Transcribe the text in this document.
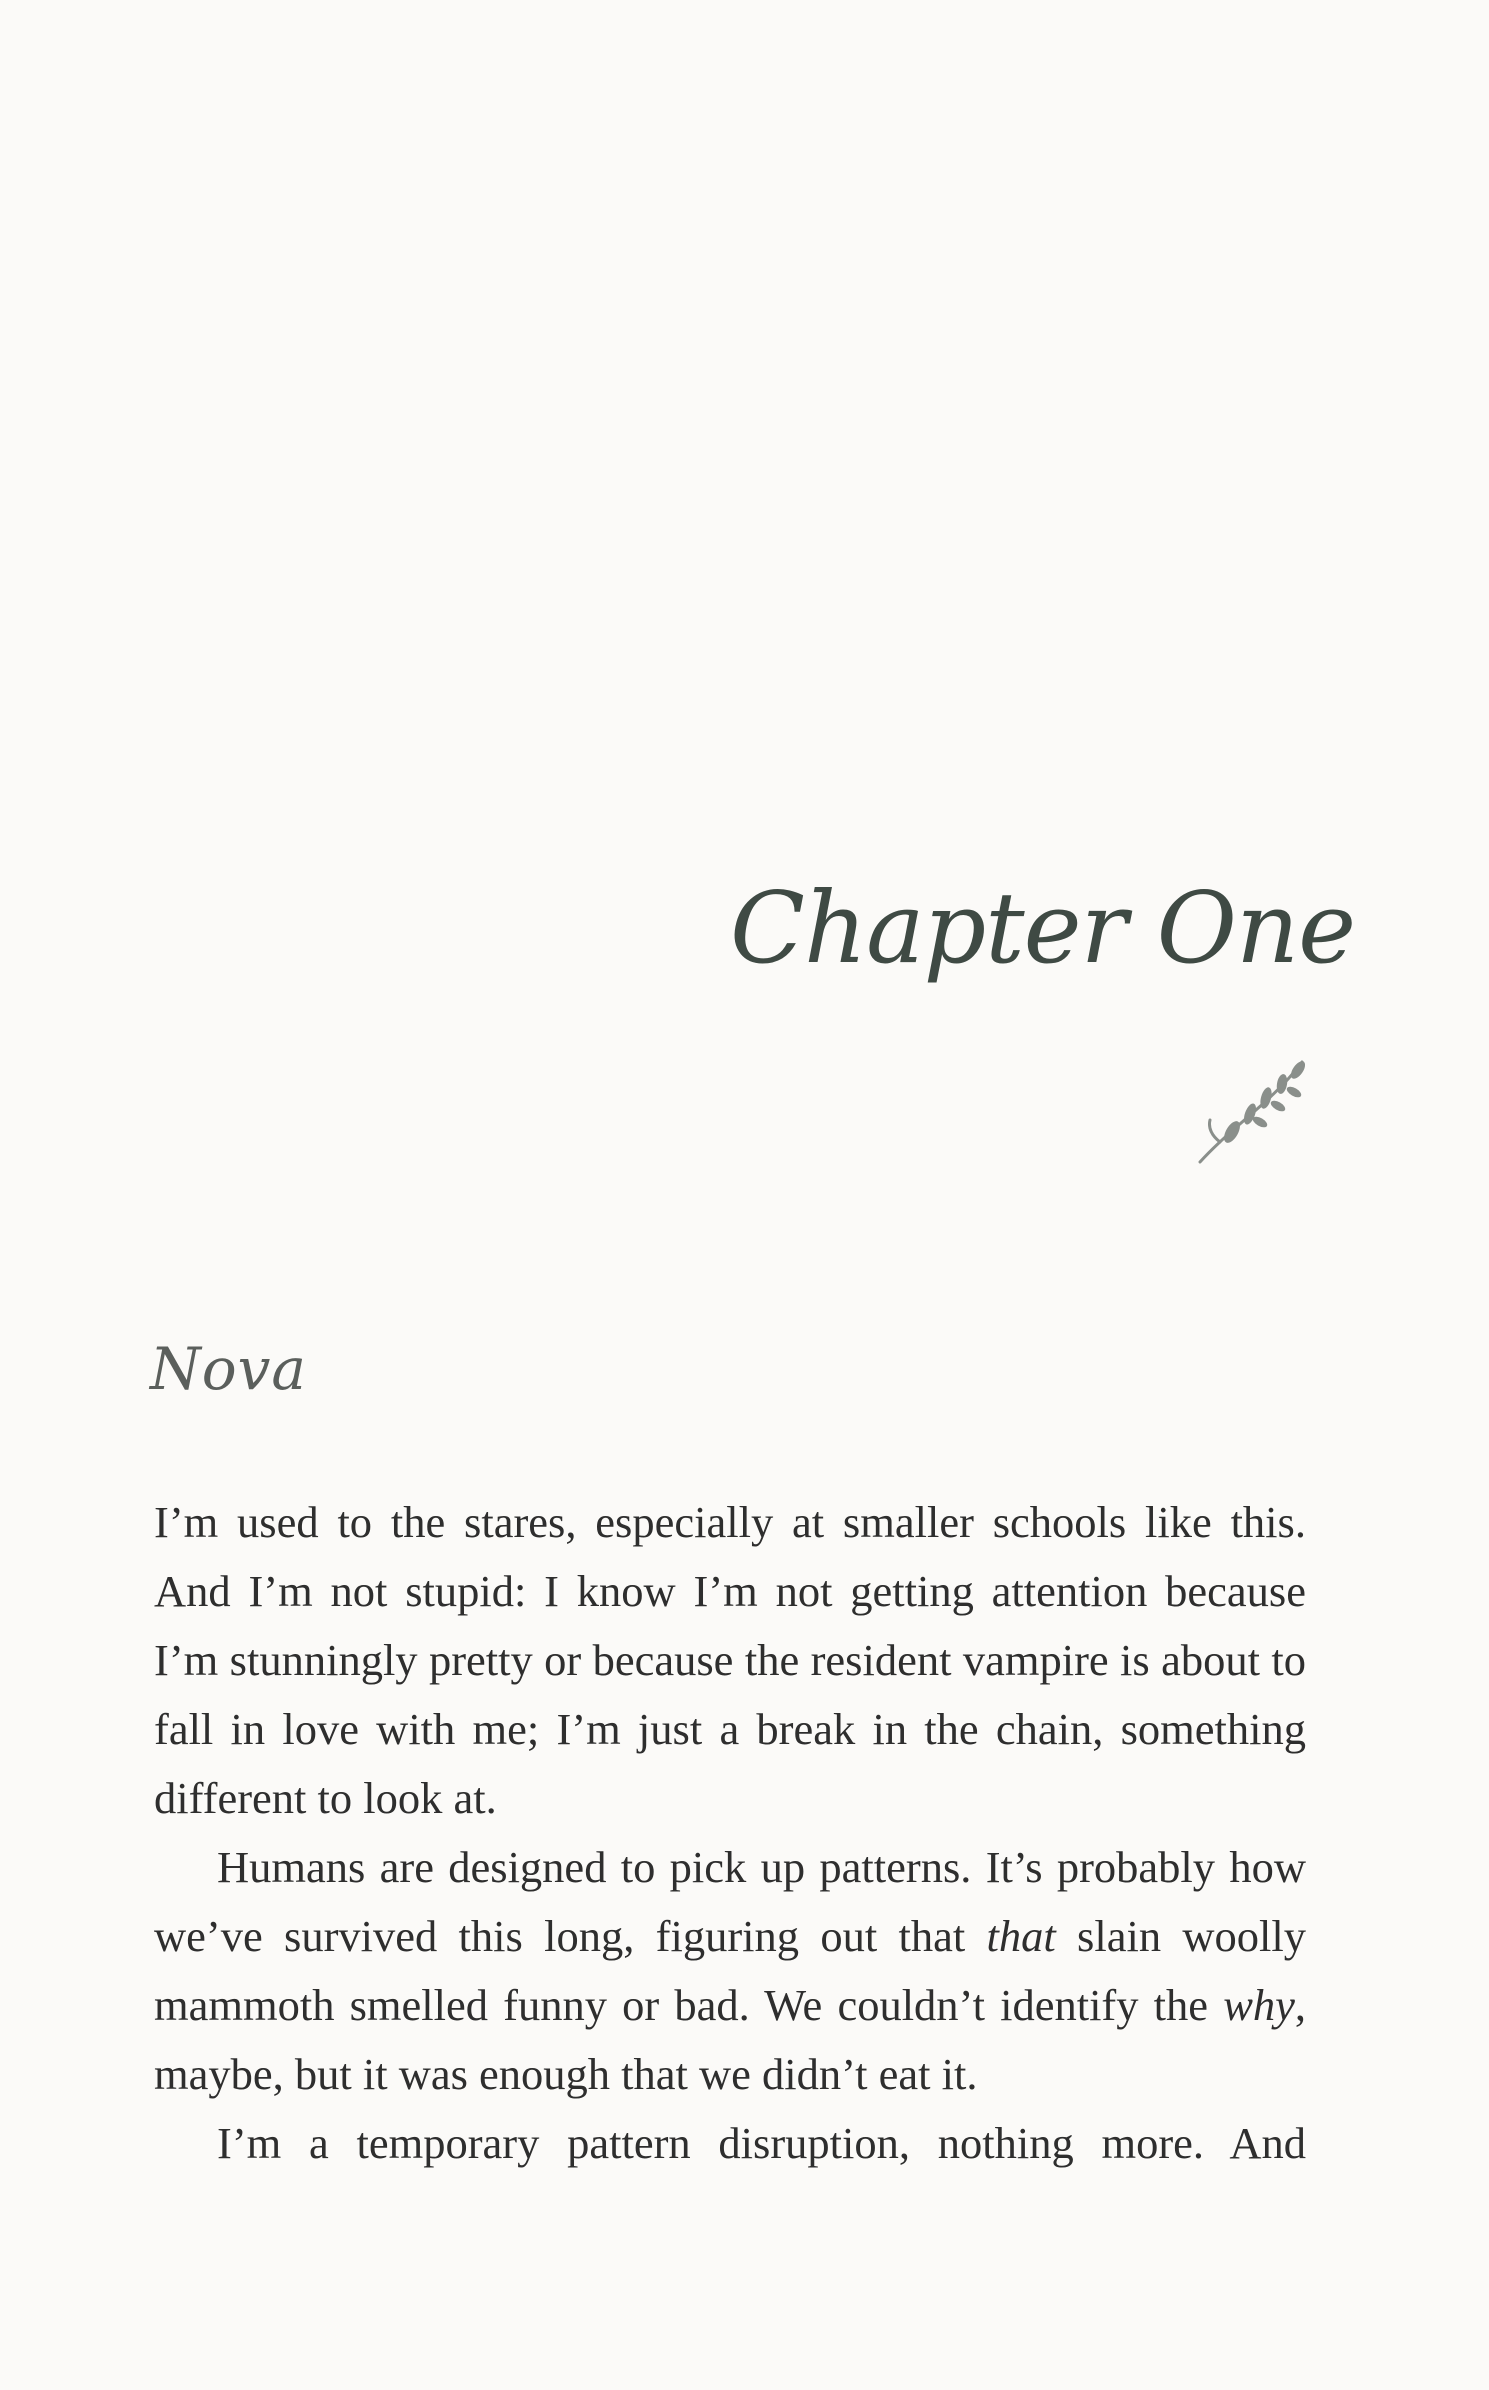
Chapter One
Nova

I’m used to the stares, especially at smaller schools like this. And I’m not stupid: I know I’m not getting attention because I’m stunningly pretty or because the resident vampire is about to fall in love with me; I’m just a break in the chain, something different to look at.

Humans are designed to pick up patterns. It’s probably how we’ve survived this long, figuring out that that slain woolly mammoth smelled funny or bad. We couldn’t identify the why, maybe, but it was enough that we didn’t eat it.

I’m a temporary pattern disruption, nothing more. And
